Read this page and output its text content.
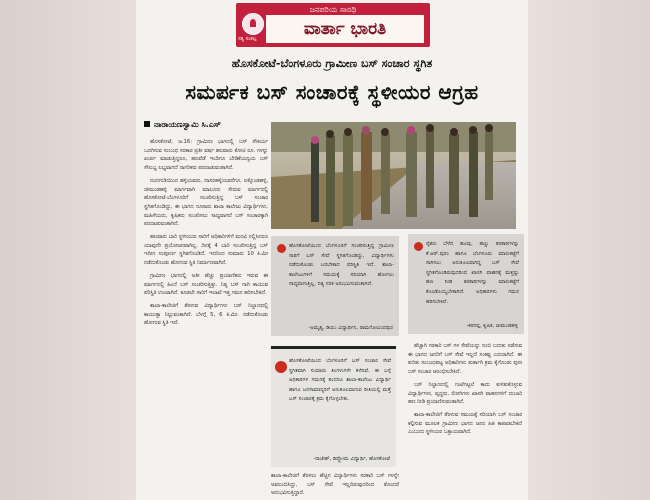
ಜನಪರಿಯ ಸಾರಥಿ
ಸತ್ಯ ಸಂಕಲ್ಪ	ವಾರ್ತಾ ಭಾರತಿ
ಹೊಸಕೋಟೆ-ಬೆಂಗಳೂರು ಗ್ರಾಮೀಣ ಬಸ್ ಸಂಚಾರ ಸ್ಥಗಿತ
ಸಮರ್ಪಕ ಬಸ್ ಸಂಚಾರಕ್ಕೆ ಸ್ಥಳೀಯರ ಆಗ್ರಹ
ನಾರಾಯಣಸ್ವಾಮಿ ಸಿ.ಎಸ್

ಹೊಸಕೋಟೆ, ಜ.16: ಗ್ರಾಮೀಣ ಭಾಗದಲ್ಲಿ ಬಸ್ ಸೌಕರ್ಯ ಒದಗಿಸುವ ಸಂಬಂಧ ಸರಕಾರ ಪ್ರತೀ ವರ್ಷ ಹಲವಾರು ಕೋಟಿ ರೂ. ಗಳನ್ನು ಖರ್ಚು ಮಾಡುತ್ತಿದ್ದರೂ, ಹಲವೆಡೆ ಇಂದಿಗೂ ಬೇಡಿಕೆಯನ್ವಯ ಬಸ್ ಸೌಲಭ್ಯ ಲಭ್ಯವಾಗದೆ ನಾಗರಿಕರು ಪರದಾಡುವಂತಾಗಿದೆ.

ನಂದಗುಡಿಯಿಂದ ಹಳ್ಳಿಯವರು, ದಾಸರಹಳ್ಳಿಯವರೆಗೂ, ಲಕ್ಕೊಂಡಹಳ್ಳಿ, ಚೀಮಂಡಹಳ್ಳಿ ಮಾರ್ಗವಾಗಿ ಮಾಲೂರು ಸೇರುವ ಮಾರ್ಗದಲ್ಲಿ ಹೊಸಕೋಟೆ-ಬೆಂಗಳೂರಿಗೆ ಸಂಚರಿಸುತ್ತಿದ್ದ ಬಸ್ ಸಂಚಾರ ಸ್ಥಗಿತಗೊಂಡಿದ್ದು, ಈ ಭಾಗದ ನೂರಾರು ಶಾಲಾ ಕಾಲೇಜು ವಿದ್ಯಾರ್ಥಿಗಳು, ಮಹಿಳೆಯರು, ಕೃಷಿಕರು ಸಂಚರಿಸಲು ಸಾಧ್ಯವಾಗದೆ ಬಸ್ ಸಂಚಾರಕ್ಕಾಗಿ ಪರದಾಡುವಂತಾಗಿದೆ.

ಹಲವಾರು ಬಾರಿ ಸ್ಥಳೀಯರು ಸಾರಿಗೆ ಅಧಿಕಾರಿಗಳಿಗೆ ಮನವಿ ಸಲ್ಲಿಸಿದರೂ ಯಾವುದೇ ಪ್ರಯೋಜನವಾಗಿಲ್ಲ. ದಿನಕ್ಕೆ 4 ಬಾರಿ ಸಂಚರಿಸುತ್ತಿದ್ದ ಬಸ್ ಇದೀಗ ಸಂಪೂರ್ಣ ಸ್ಥಗಿತಗೊಂಡಿದೆ. ಇದರಿಂದ ಸುಮಾರು 10 ಕಿ.ಮೀ ನಡೆದುಕೊಂಡು ಹೋಗುವ ಸ್ಥಿತಿ ನಿರ್ಮಾಣವಾಗಿದೆ.

ಗ್ರಾಮೀಣ ಭಾಗದಲ್ಲಿ ಅತೀ ಹೆಚ್ಚು ಪ್ರಯಾಣಿಕರು ಇರುವ ಈ ಮಾರ್ಗದಲ್ಲಿ ಹಿಂದೆ ಬಸ್ ಸಂಚರಿಸುತ್ತಿತ್ತು. ನಿತ್ಯ ಬಸ್ ಗಾಗಿ ಕಾಯುವ ಪರಿಸ್ಥಿತಿ ಉಂಟಾಗಿದೆ. ಕೂಡಲೇ ಸಾರಿಗೆ ಇಲಾಖೆ ಇತ್ತ ಗಮನ ಹರಿಸಬೇಕಿದೆ.

ಶಾಲಾ-ಕಾಲೇಜಿಗೆ ತೆರಳುವ ವಿದ್ಯಾರ್ಥಿಗಳು ಬಸ್ ನಿಲ್ದಾಣದಲ್ಲಿ ಕಾಯುತ್ತಾ ನಿಲ್ಲುವಂತಾಗಿದೆ. ಬೆಳಗ್ಗೆ 5, 6 ಕಿ.ಮೀ. ನಡೆದುಕೊಂಡು ಹೋಗುವ ಸ್ಥಿತಿ ಇದೆ.

ರೈತರು ಬೆಳೆದ ಹೂವು, ಹಣ್ಣು ತರಕಾರಿಗಳನ್ನು ಕೆ.ಆರ್.ಪುರಂ ಹಾಗೂ ಬೆಂಗಳೂರು ಮಾರುಕಟ್ಟೆಗೆ ಸಾಗಿಸಲು ಅನುಕೂಲವಾಗಿದ್ದ ಬಸ್ ಸೇವೆ ಸ್ಥಗಿತಗೊಂಡಿರುವುದರಿಂದ ಖಾಸಗಿ ವಾಹನಕ್ಕೆ ಮತ್ತಷ್ಟು ಹಣ ನೀಡಿ ತರಕಾರಿಗಳನ್ನು ಮಾರುಕಟ್ಟೆಗೆ ಕೊಂಡೊಯ್ಯಬೇಕಾಗಿದೆ. ಅಧಿಕಾರಿಗಳು ಗಮನ ಹರಿಸಬೇಕಿದೆ.
-ಕರಗಪ್ಪ, ಕೃಷಿಕ, ಚೀಮಂಡಹಳ್ಳಿ
ಹೊಸಕೋಟೆಯಿಂದ ಬೆಂಗಳೂರಿಗೆ ಸಂಚರಿಸುತ್ತಿದ್ದ ಗ್ರಾಮೀಣ ಸಾರಿಗೆ ಬಸ್ ಸೇವೆ ಸ್ಥಗಿತಗೊಂಡಿದ್ದು, ವಿದ್ಯಾರ್ಥಿಗಳು ನಡೆದುಕೊಂಡು ಬರಬೇಕಾದ ಪರಿಸ್ಥಿತಿ ಇದೆ. ಶಾಲಾ-ಕಾಲೇಜುಗಳಿಗೆ ಸಮಯಕ್ಕೆ ಸರಿಯಾಗಿ ಹೋಗಲು ಸಾಧ್ಯವಾಗುತ್ತಿಲ್ಲ. ನಿತ್ಯ ನರಕ ಅನುಭವಿಸುವಂತಾಗಿದೆ.
-ಅಮೃತ್ಯ, ಡಿಯು ವಿದ್ಯಾರ್ಥಿನಿ, ರಾಮಗೋವಿಂದಪುರ
ಹೊಸಕೋಟೆಯಿಂದ ಬೆಂಗಳೂರಿಗೆ ಬಸ್ ಸಂಚಾರ ಸೇವೆ ಸ್ಥಗಿತವಾಗಿ ಸುಮಾರು ತಿಂಗಳುಗಳೇ ಕಳೆದಿವೆ. ಈ ಬಗ್ಗೆ ಅಧಿಕಾರಿಗಳ ಗಮನಕ್ಕೆ ತಂದರೂ ಶಾಲಾ-ಕಾಲೇಜು ವಿದ್ಯಾರ್ಥಿ ಹಾಗೂ ಜನಸಾಮಾನ್ಯರಿಗೆ ಅನುಕೂಲವಾಗುವ ರೀತಿಯಲ್ಲಿ ಮತ್ತೆ ಬಸ್ ಸಂಚಾರಕ್ಕೆ ಕ್ರಮ ಕೈಗೊಳ್ಳಬೇಕು.
-ರಾಜೇಶ್, ಡಿಪ್ಲೋಮ ವಿದ್ಯಾರ್ಥಿ, ಹೊಸಕೋಟೆ
ಶಾಲಾ-ಕಾಲೇಜಿಗೆ ತೆರಳಲು ಹೆಚ್ಚಿನ ವಿದ್ಯಾರ್ಥಿಗಳು ಸರಕಾರಿ ಬಸ್ ಗಳನ್ನೇ ಅವಲಂಬಿಸಿದ್ದು, ಬಸ್ ಸೇವೆ ಇಲ್ಲದಿರುವುದರಿಂದ ತೊಂದರೆ ಅನುಭವಿಸುತ್ತಿದ್ದಾರೆ.

ಹೆಚ್ಚಾಗಿ ಸರಕಾರಿ ಬಸ್ ಗಳ ಸೇವೆಯನ್ನು ನಂಬಿ ಬದುಕು ನಡೆಸುವ ಈ ಭಾಗದ ಜನರಿಗೆ ಬಸ್ ಸೇವೆ ಇಲ್ಲದೆ ಸಂಕಷ್ಟ ಎದುರಾಗಿದೆ. ಈ ಕುರಿತು ಸಂಬಂಧಪಟ್ಟ ಅಧಿಕಾರಿಗಳು ತುರ್ತಾಗಿ ಕ್ರಮ ಕೈಗೊಂಡು ಪುನಃ ಬಸ್ ಸಂಚಾರ ಆರಂಭಿಸಬೇಕಿದೆ.

ಬಸ್ ನಿಲ್ದಾಣದಲ್ಲಿ ಗಂಟೆಗಟ್ಟಲೆ ಕಾದು ಕುಳಿತುಕೊಳ್ಳುವ ವಿದ್ಯಾರ್ಥಿಗಳು, ವೃದ್ಧರು, ರೋಗಿಗಳು ಖಾಸಗಿ ವಾಹನಗಳಿಗೆ ದುಬಾರಿ ಹಣ ನೀಡಿ ಪ್ರಯಾಣಿಸುವಂತಾಗಿದೆ.

ಶಾಲಾ-ಕಾಲೇಜಿಗೆ ತೆರಳುವ ಸಮಯಕ್ಕೆ ಸರಿಯಾಗಿ ಬಸ್ ಸಂಚಾರ ಕಲ್ಪಿಸುವ ಮೂಲಕ ಗ್ರಾಮೀಣ ಭಾಗದ ಜನರ ಹಿತ ಕಾಪಾಡಬೇಕಿದೆ ಎಂಬುದು ಸ್ಥಳೀಯರ ಒತ್ತಾಯವಾಗಿದೆ.
